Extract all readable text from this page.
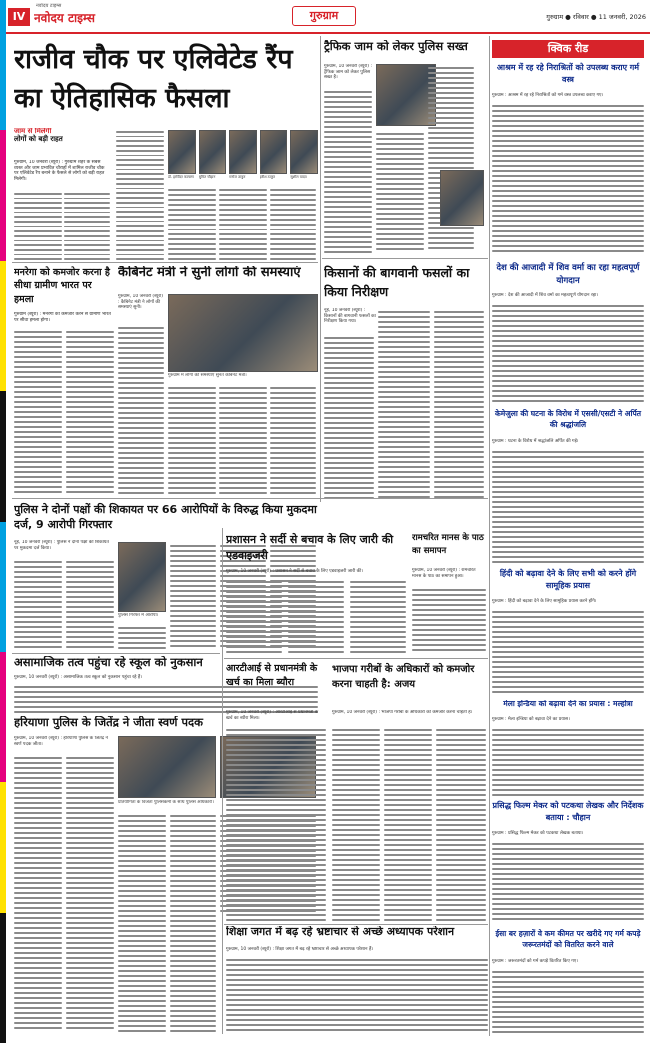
IV
नवोदय टाइम्स
नवोदय टाइम्स	गुरुग्राम	गुरुग्राम ● रविवार ● 11 जनवरी, 2026
राजीव चौक पर एलिवेटेड रैंप का ऐतिहासिक फैसला
जाम से मिलेगी
लोगों को बड़ी राहत
गुरुग्राम, 10 जनवरी (ब्यूरो) : गुरुग्राम शहर के सबसे व्यस्त और जाम प्रभावित चौराहों में शामिल राजीव चौक पर एलिवेटेड रैंप बनाने के फैसले से लोगों को बड़ी राहत मिलेगी।
डॉ. हरविंदर कल्याण	सुमित चौहान	मनोज ठाकुर	हरीश ठाकुर	सुशील यादव
मनरेगा को कमजोर करना है सीधा ग्रामीण भारत पर हमला
गुरुग्राम (ब्यूरो) : मनरेगा को कमजोर करने से ग्रामीण भारत पर सीधा हमला होगा।
कैबिनेट मंत्री ने सुनी लोगों की समस्याएं
गुरुग्राम, 10 जनवरी (ब्यूरो) : कैबिनेट मंत्री ने लोगों की समस्याएं सुनी।
गुरुग्राम में लोगों की समस्याएं सुनते कैबिनेट मंत्री।
पुलिस ने दोनों पक्षों की शिकायत पर 66 आरोपियों के विरुद्ध किया मुकदमा दर्ज, 9 आरोपी गिरफ्तार
नूंह, 10 जनवरी (ब्यूरो) : पुलिस ने दोनों पक्षों की शिकायत पर मुकदमा दर्ज किया।
पुलिस गिरफ्त में आरोपी।
असामाजिक तत्व पहुंचा रहे स्कूल को नुकसान
गुरुग्राम, 10 जनवरी (ब्यूरो) : असामाजिक तत्व स्कूल को नुकसान पहुंचा रहे हैं।
हरियाणा पुलिस के जितेंद्र ने जीता स्वर्ण पदक
गुरुग्राम, 10 जनवरी (ब्यूरो) : हरियाणा पुलिस के जितेंद्र ने स्वर्ण पदक जीता।
प्रतियोगिता के विजेता पुलिसकर्मी के साथ पुलिस अधिकारी।
ट्रैफिक जाम को लेकर पुलिस सख्त
गुरुग्राम, 10 जनवरी (ब्यूरो) : ट्रैफिक जाम को लेकर पुलिस सख्त है।
किसानों की बागवानी फसलों का किया निरीक्षण
नूंह, 10 जनवरी (ब्यूरो) : किसानों की बागवानी फसलों का निरीक्षण किया गया।
प्रशासन ने सर्दी से बचाव के लिए जारी की एडवाइजरी
गुरुग्राम, 10 जनवरी (ब्यूरो) : प्रशासन ने सर्दी से बचाव के लिए एडवाइजरी जारी की।
रामचरित मानस के पाठ का समापन
गुरुग्राम, 10 जनवरी (ब्यूरो) : रामचरित मानस के पाठ का समापन हुआ।
आरटीआई से प्रधानमंत्री के खर्च का मिला ब्यौरा
गुरुग्राम, 10 जनवरी (ब्यूरो) : आरटीआई से प्रधानमंत्री के खर्च का ब्यौरा मिला।
भाजपा गरीबों के अधिकारों को कमजोर करना चाहती है: अजय
गुरुग्राम, 10 जनवरी (ब्यूरो) : भाजपा गरीबों के अधिकारों को कमजोर करना चाहती है।
शिक्षा जगत में बढ़ रहे भ्रष्टाचार से अच्छे अध्यापक परेशान
गुरुग्राम, 10 जनवरी (ब्यूरो) : शिक्षा जगत में बढ़ रहे भ्रष्टाचार से अच्छे अध्यापक परेशान हैं।
क्विक रीड
आश्रम में रह रहे निराश्रितों को उपलब्ध कराए गर्म वस्त्र
गुरुग्राम : आश्रम में रह रहे निराश्रितों को गर्म वस्त्र उपलब्ध कराए गए।
देश की आजादी में शिव वर्मा का रहा महत्वपूर्ण योगदान
गुरुग्राम : देश की आजादी में शिव वर्मा का महत्वपूर्ण योगदान रहा।
केमेजुला की घटना के विरोध में एससी/एसटी ने अर्पित की श्रद्धांजलि
गुरुग्राम : घटना के विरोध में श्रद्धांजलि अर्पित की गई।
हिंदी को बढ़ावा देने के लिए सभी को करने होंगे सामूहिक प्रयास
गुरुग्राम : हिंदी को बढ़ावा देने के लिए सामूहिक प्रयास करने होंगे।
मेला इन्डिया को बढ़ावा देने का प्रयास : मल्होत्रा
गुरुग्राम : मेला इन्डिया को बढ़ावा देने का प्रयास।
प्रसिद्ध फिल्म मेकर को पटकथा लेखक और निर्देशक बताया : चौहान
गुरुग्राम : प्रसिद्ध फिल्म मेकर को पटकथा लेखक बताया।
ईसा बर हज़ारों वे कम कीमत पर खरीदे गए गर्म कपड़े जरूरतमंदों को वितरित करने वाले
गुरुग्राम : जरूरतमंदों को गर्म कपड़े वितरित किए गए।
